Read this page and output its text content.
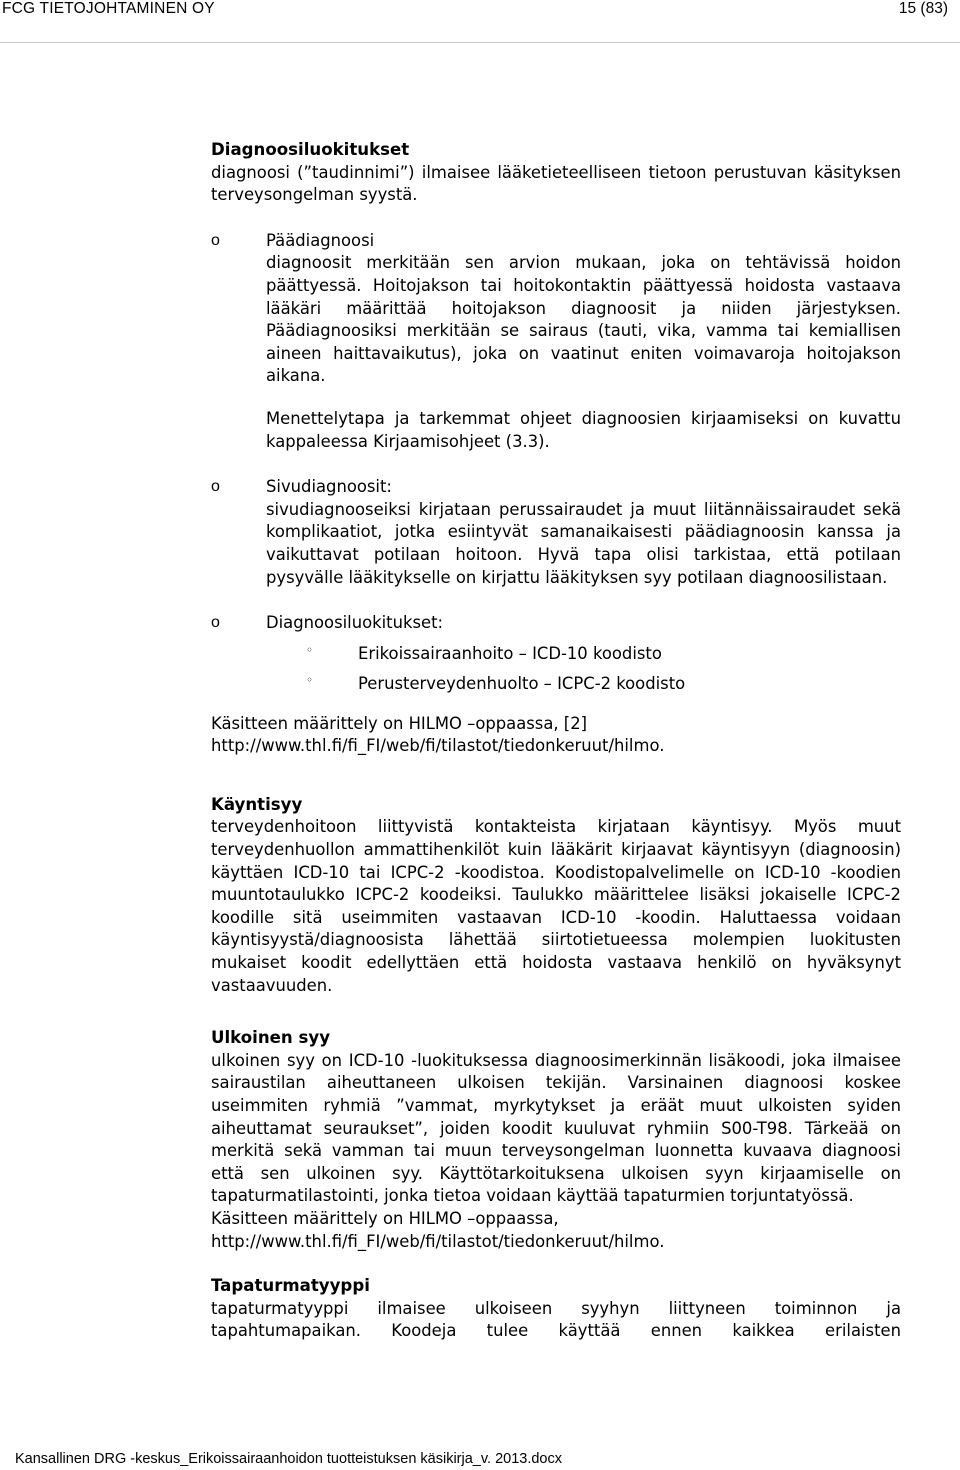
FCG TIETOJOHTAMINEN OY	15 (83)
Diagnoosiluokitukset
diagnoosi (”taudinnimi”) ilmaisee lääketieteelliseen tietoon perustuvan käsityksen terveysongelman syystä.
o	Päädiagnoosi
diagnoosit merkitään sen arvion mukaan, joka on tehtävissä hoidon päättyessä. Hoitojakson tai hoitokontaktin päättyessä hoidosta vastaava lääkäri määrittää hoitojakson diagnoosit ja niiden järjestyksen. Päädiagnoosiksi merkitään se sairaus (tauti, vika, vamma tai kemiallisen aineen haittavaikutus), joka on vaatinut eniten voimavaroja hoitojakson aikana.
Menettelytapa ja tarkemmat ohjeet diagnoosien kirjaamiseksi on kuvattu kappaleessa Kirjaamisohjeet (3.3).
o	Sivudiagnoosit:
sivudiagnooseiksi kirjataan perussairaudet ja muut liitännäissairaudet sekä komplikaatiot, jotka esiintyvät samanaikaisesti päädiagnoosin kanssa ja vaikuttavat potilaan hoitoon. Hyvä tapa olisi tarkistaa, että potilaan pysyvälle lääkitykselle on kirjattu lääkityksen syy potilaan diagnoosilistaan.
o	Diagnoosiluokitukset:
◦	Erikoissairaanhoito – ICD-10 koodisto
◦	Perusterveydenhuolto – ICPC-2 koodisto
Käsitteen määrittely on HILMO –oppaassa, [2]
http://www.thl.fi/fi_FI/web/fi/tilastot/tiedonkeruut/hilmo.
Käyntisyy
terveydenhoitoon liittyvistä kontakteista kirjataan käyntisyy. Myös muut terveydenhuollon ammattihenkilöt kuin lääkärit kirjaavat käyntisyyn (diagnoosin) käyttäen ICD-10 tai ICPC-2 -koodistoa. Koodistopalvelimelle on ICD-10 -koodien muuntotaulukko ICPC-2 koodeiksi. Taulukko määrittelee lisäksi jokaiselle ICPC-2 koodille sitä useimmiten vastaavan ICD-10 -koodin. Haluttaessa voidaan käyntisyystä/diagnoosista lähettää siirtotietueessa molempien luokitusten mukaiset koodit edellyttäen että hoidosta vastaava henkilö on hyväksynyt vastaavuuden.
Ulkoinen syy
ulkoinen syy on ICD-10 -luokituksessa diagnoosimerkinnän lisäkoodi, joka ilmaisee sairaustilan aiheuttaneen ulkoisen tekijän. Varsinainen diagnoosi koskee useimmiten ryhmiä ”vammat, myrkytykset ja eräät muut ulkoisten syiden aiheuttamat seuraukset”, joiden koodit kuuluvat ryhmiin S00-T98. Tärkeää on merkitä sekä vamman tai muun terveysongelman luonnetta kuvaava diagnoosi että sen ulkoinen syy. Käyttötarkoituksena ulkoisen syyn kirjaamiselle on tapaturmatilastointi, jonka tietoa voidaan käyttää tapaturmien torjuntatyössä.
Käsitteen määrittely on HILMO –oppaassa,
http://www.thl.fi/fi_FI/web/fi/tilastot/tiedonkeruut/hilmo.
Tapaturmatyyppi
tapaturmatyyppi ilmaisee ulkoiseen syyhyn liittyneen toiminnon ja tapahtumapaikan. Koodeja tulee käyttää ennen kaikkea erilaisten
Kansallinen DRG -keskus_Erikoissairaanhoidon tuotteistuksen käsikirja_v. 2013.docx
